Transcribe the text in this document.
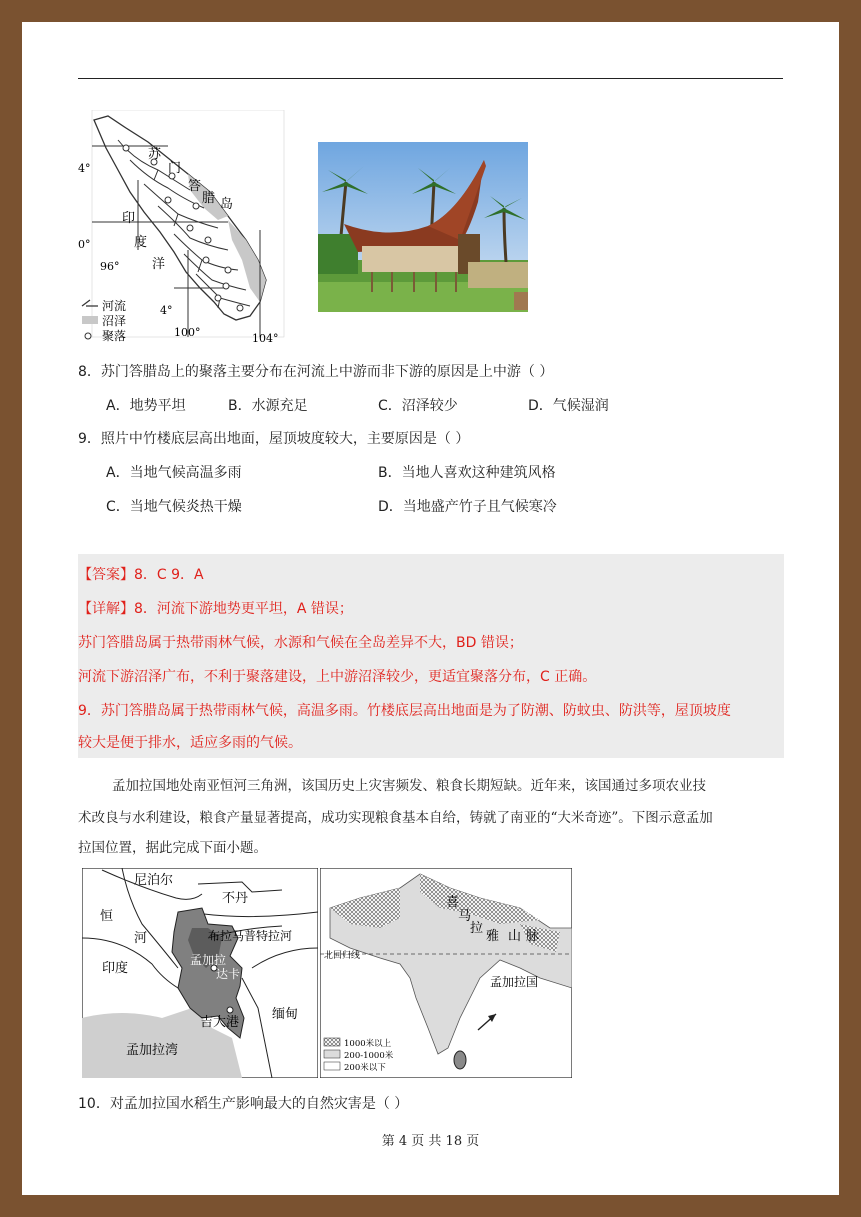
苏
门
答
腊 岛
印
度
洋
4°
0°
96°
4°
100°	104°
河流
沼泽
聚落
8．苏门答腊岛上的聚落主要分布在河流上中游而非下游的原因是上中游（ ）
A．地势平坦	B．水源充足	C．沼泽较少	D．气候湿润
9．照片中竹楼底层高出地面，屋顶坡度较大，主要原因是（ ）
A．当地气候高温多雨	B．当地人喜欢这种建筑风格
C．当地气候炎热干燥	D．当地盛产竹子且气候寒冷
【答案】8．C 9．A
【详解】8．河流下游地势更平坦，A 错误；
苏门答腊岛属于热带雨林气候，水源和气候在全岛差异不大，BD 错误；
河流下游沼泽广布，不利于聚落建设，上中游沼泽较少，更适宜聚落分布，C 正确。
9．苏门答腊岛属于热带雨林气候，高温多雨。竹楼底层高出地面是为了防潮、防蚊虫、防洪等，屋顶坡度
较大是便于排水，适应多雨的气候。
孟加拉国地处南亚恒河三角洲，该国历史上灾害频发、粮食长期短缺。近年来，该国通过多项农业技
术改良与水利建设，粮食产量显著提高，成功实现粮食基本自给，铸就了南亚的“大米奇迹”。下图示意孟加
拉国位置，据此完成下面小题。
尼泊尔
不丹
恒
河	布拉马普特拉河
孟加拉
达卡
印度
吉大港
缅甸
孟加拉湾
喜
马
拉
雅 山 脉
北回归线
孟加拉国
1000米以上
200-1000米
200米以下
10．对孟加拉国水稻生产影响最大的自然灾害是（ ）
第 4 页 共 18 页
